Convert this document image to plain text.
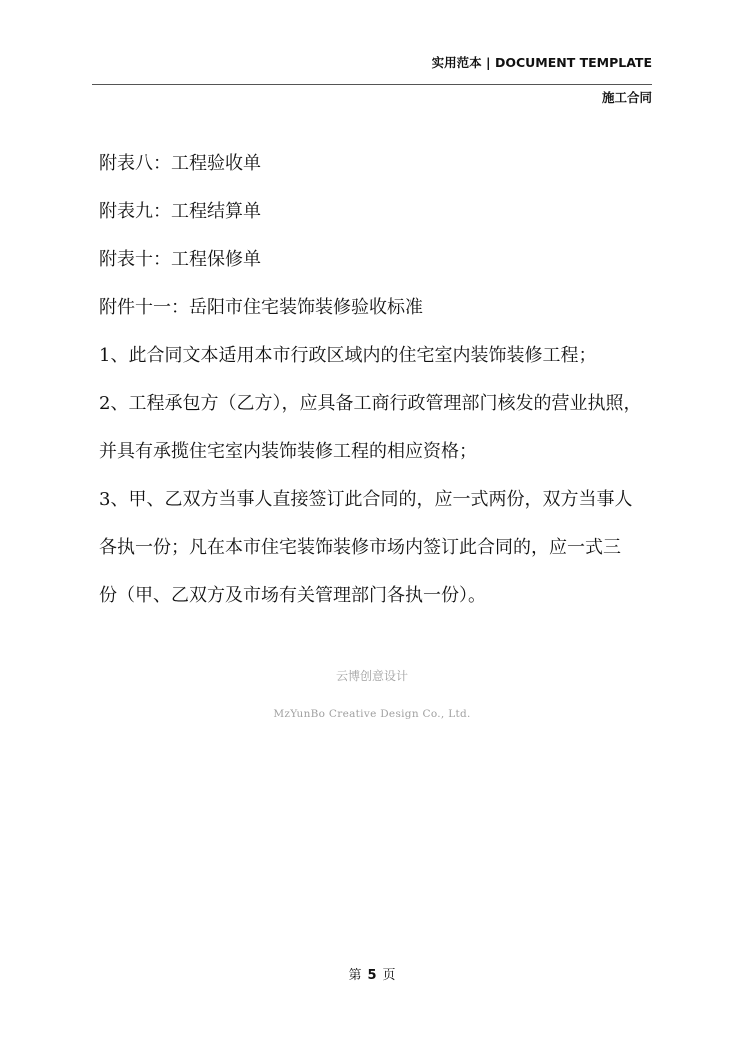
实用范本 | DOCUMENT TEMPLATE
施工合同

附表八：工程验收单

附表九：工程结算单

附表十：工程保修单

附件十一：岳阳市住宅装饰装修验收标准

1、此合同文本适用本市行政区域内的住宅室内装饰装修工程；

2、工程承包方（乙方），应具备工商行政管理部门核发的营业执照，

并具有承揽住宅室内装饰装修工程的相应资格；

3、甲、乙双方当事人直接签订此合同的，应一式两份，双方当事人

各执一份；凡在本市住宅装饰装修市场内签订此合同的，应一式三

份（甲、乙双方及市场有关管理部门各执一份）。

云博创意设计
MzYunBo Creative Design Co., Ltd.
第 5 页
